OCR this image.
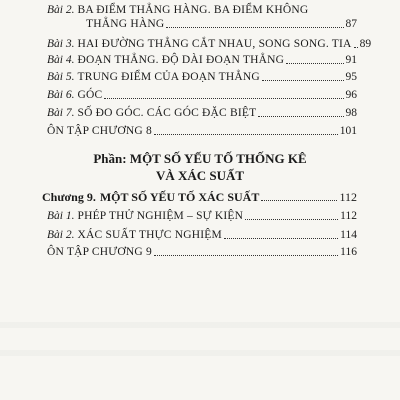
Bài 2. BA ĐIỂM THẲNG HÀNG. BA ĐIỂM KHÔNG
THẲNG HÀNG	87
Bài 3. HAI ĐƯỜNG THẲNG CẮT NHAU, SONG SONG. TIA 89
Bài 4. ĐOẠN THẲNG. ĐỘ DÀI ĐOẠN THẲNG	91
Bài 5. TRUNG ĐIỂM CỦA ĐOẠN THẲNG	95
Bài 6. GÓC	96
Bài 7. SỐ ĐO GÓC. CÁC GÓC ĐẶC BIỆT	98
ÔN TẬP CHƯƠNG 8	101
Phần: MỘT SỐ YẾU TỐ THỐNG KÊ
VÀ XÁC SUẤT
Chương 9. MỘT SỐ YẾU TỐ XÁC SUẤT	112
Bài 1. PHÉP THỬ NGHIỆM – SỰ KIỆN	112
Bài 2. XÁC SUẤT THỰC NGHIỆM	114
ÔN TẬP CHƯƠNG 9	116
